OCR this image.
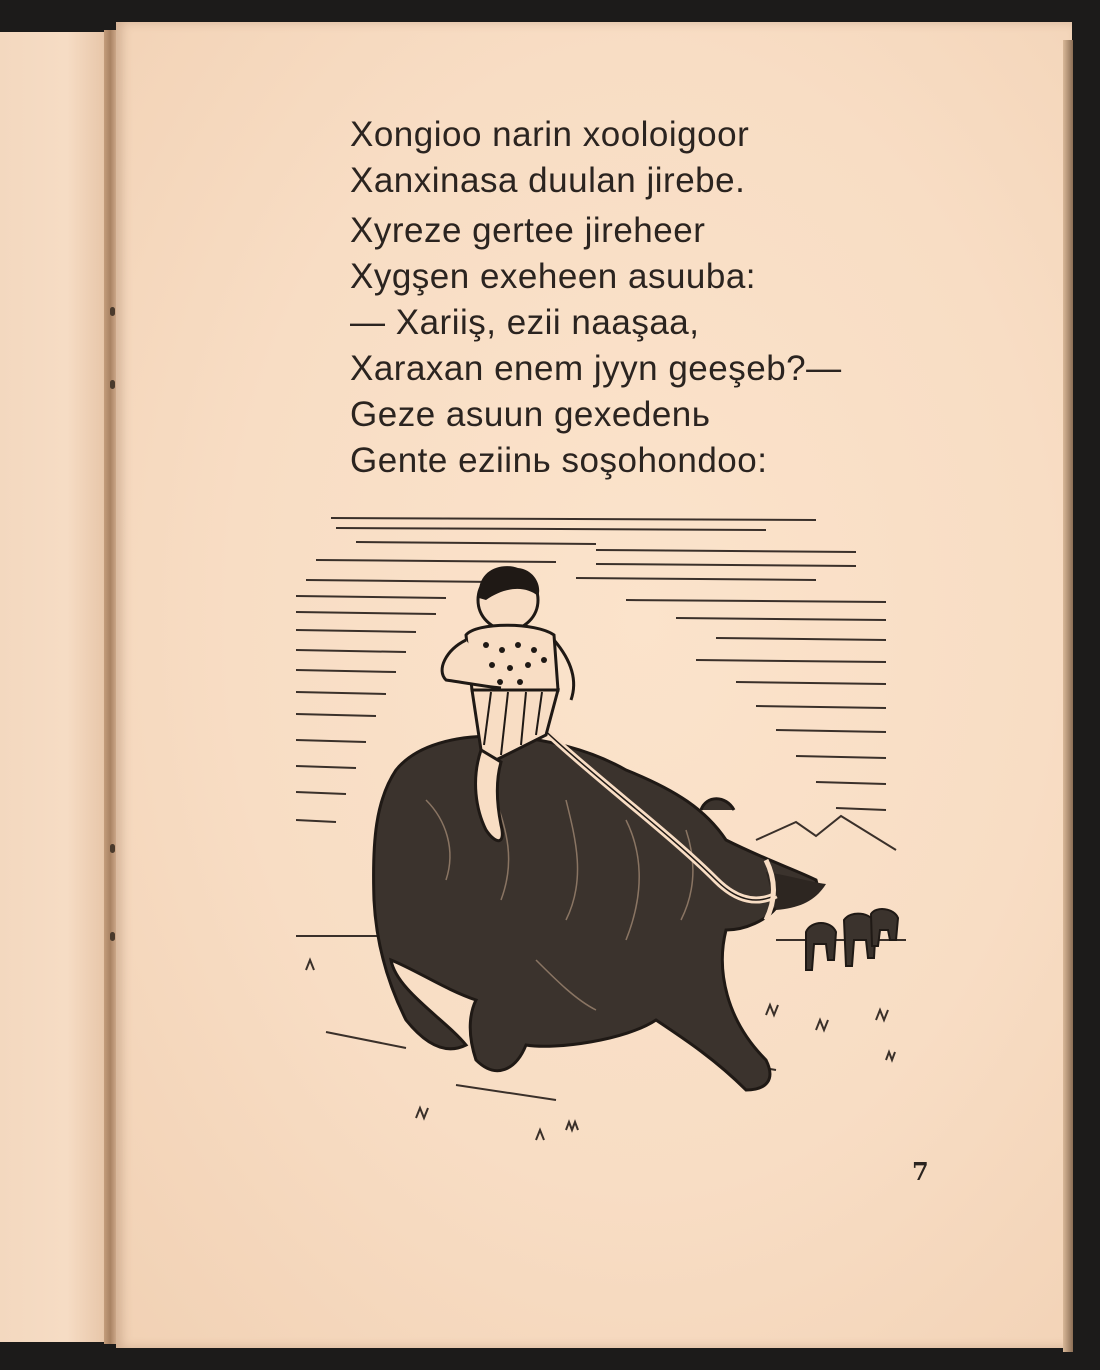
Xongioo narin xooloigoor
Xanxinasa duulan jirebe.
Xyreze gertee jireheer
Xygşen exeheen asuuba:
— Xariiş, ezii naaşaa,
Xaraxan enem jyyn geeşeb?—
Geze asuun gexedenь
Gente eziinь soşohondoo:
7
